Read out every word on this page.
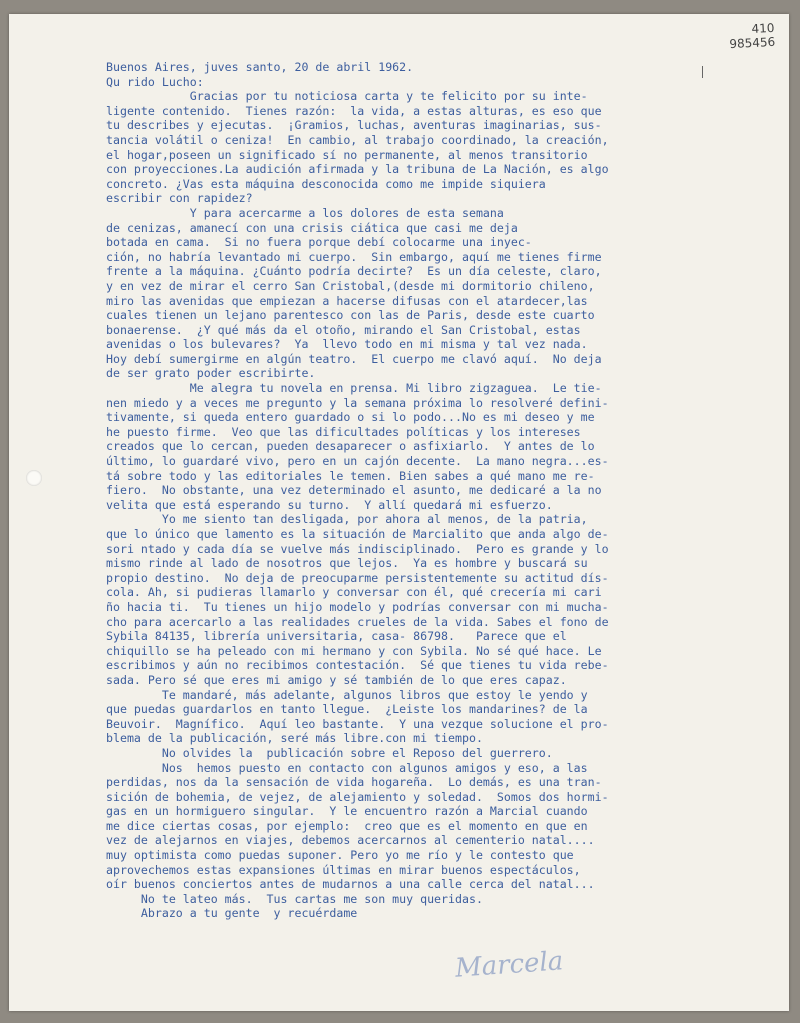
410
985456
Buenos Aires, juves santo, 20 de abril 1962.
Qu rido Lucho:
Gracias por tu noticiosa carta y te felicito por su inte-
ligente contenido.  Tienes razón:  la vida, a estas alturas, es eso que
tu describes y ejecutas.  ¡Gramios, luchas, aventuras imaginarias, sus-
tancia volátil o ceniza!  En cambio, al trabajo coordinado, la creación,
el hogar,poseen un significado sí no permanente, al menos transitorio
con proyecciones.La audición afirmada y la tribuna de La Nación, es algo
concreto. ¿Vas esta máquina desconocida como me impide siquiera
escribir con rapidez?
Y para acercarme a los dolores de esta semana
de cenizas, amanecí con una crisis ciática que casi me deja
botada en cama.  Si no fuera porque debí colocarme una inyec-
ción, no habría levantado mi cuerpo.  Sin embargo, aquí me tienes firme
frente a la máquina. ¿Cuánto podría decirte?  Es un día celeste, claro,
y en vez de mirar el cerro San Cristobal,(desde mi dormitorio chileno,
miro las avenidas que empiezan a hacerse difusas con el atardecer,las
cuales tienen un lejano parentesco con las de Paris, desde este cuarto
bonaerense.  ¿Y qué más da el otoño, mirando el San Cristobal, estas
avenidas o los bulevares?  Ya  llevo todo en mi misma y tal vez nada.
Hoy debí sumergirme en algún teatro.  El cuerpo me clavó aquí.  No deja
de ser grato poder escribirte.
Me alegra tu novela en prensa. Mi libro zigzaguea.  Le tie-
nen miedo y a veces me pregunto y la semana próxima lo resolveré defini-
tivamente, si queda entero guardado o si lo podo...No es mi deseo y me
he puesto firme.  Veo que las dificultades políticas y los intereses
creados que lo cercan, pueden desaparecer o asfixiarlo.  Y antes de lo
último, lo guardaré vivo, pero en un cajón decente.  La mano negra...es-
tá sobre todo y las editoriales le temen. Bien sabes a qué mano me re-
fiero.  No obstante, una vez determinado el asunto, me dedicaré a la no
velita que está esperando su turno.  Y allí quedará mi esfuerzo.
Yo me siento tan desligada, por ahora al menos, de la patria,
que lo único que lamento es la situación de Marcialito que anda algo de-
sori ntado y cada día se vuelve más indisciplinado.  Pero es grande y lo
mismo rinde al lado de nosotros que lejos.  Ya es hombre y buscará su
propio destino.  No deja de preocuparme persistentemente su actitud dís-
cola. Ah, si pudieras llamarlo y conversar con él, qué crecería mi cari
ño hacia ti.  Tu tienes un hijo modelo y podrías conversar con mi mucha-
cho para acercarlo a las realidades crueles de la vida. Sabes el fono de
Sybila 84135, librería universitaria, casa- 86798.   Parece que el
chiquillo se ha peleado con mi hermano y con Sybila. No sé qué hace. Le
escribimos y aún no recibimos contestación.  Sé que tienes tu vida rebe-
sada. Pero sé que eres mi amigo y sé también de lo que eres capaz.
Te mandaré, más adelante, algunos libros que estoy le yendo y
que puedas guardarlos en tanto llegue.  ¿Leiste los mandarines? de la
Beuvoir.  Magnífico.  Aquí leo bastante.  Y una vezque solucione el pro-
blema de la publicación, seré más libre.con mi tiempo.
No olvides la  publicación sobre el Reposo del guerrero.
Nos  hemos puesto en contacto con algunos amigos y eso, a las
perdidas, nos da la sensación de vida hogareña.  Lo demás, es una tran-
sición de bohemia, de vejez, de alejamiento y soledad.  Somos dos hormi-
gas en un hormiguero singular.  Y le encuentro razón a Marcial cuando
me dice ciertas cosas, por ejemplo:  creo que es el momento en que en
vez de alejarnos en viajes, debemos acercarnos al cementerio natal....
muy optimista como puedas suponer. Pero yo me río y le contesto que
aprovechemos estas expansiones últimas en mirar buenos espectáculos,
oír buenos conciertos antes de mudarnos a una calle cerca del natal...
No te lateo más.  Tus cartas me son muy queridas.
Abrazo a tu gente  y recuérdame
Marcela
